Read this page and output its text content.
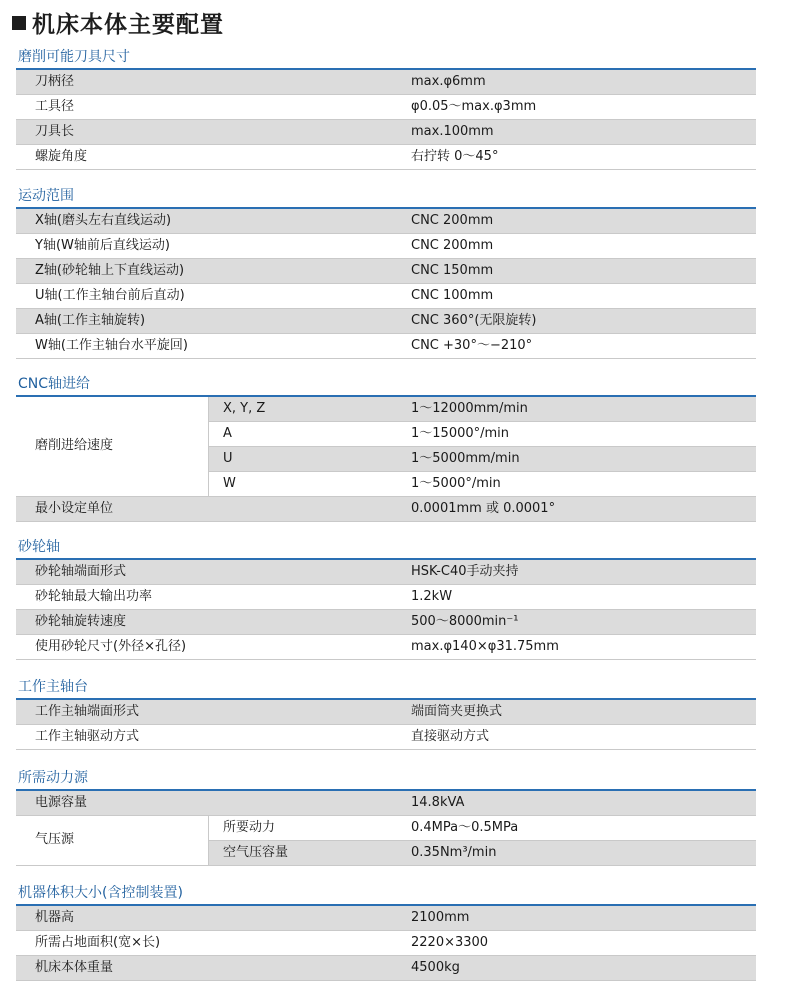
机床本体主要配置
磨削可能刀具尺寸
刀柄径	max.φ6mm
工具径	φ0.05～max.φ3mm
刀具长	max.100mm
螺旋角度	右拧转 0～45°
运动范围
X轴(磨头左右直线运动)	CNC 200mm
Y轴(W轴前后直线运动)	CNC 200mm
Z轴(砂轮轴上下直线运动)	CNC 150mm
U轴(工作主轴台前后直动)	CNC 100mm
A轴(工作主轴旋转)	CNC 360°(无限旋转)
W轴(工作主轴台水平旋回)	CNC +30°～−210°
CNC轴进给
磨削进给速度
X, Y, Z	1～12000mm/min
A	1～15000°/min
U	1～5000mm/min
W	1～5000°/min
最小设定单位	0.0001mm 或 0.0001°
砂轮轴
砂轮轴端面形式	HSK-C40手动夹持
砂轮轴最大输出功率	1.2kW
砂轮轴旋转速度	500～8000min⁻¹
使用砂轮尺寸(外径×孔径)	max.φ140×φ31.75mm
工作主轴台
工作主轴端面形式	端面筒夹更换式
工作主轴驱动方式	直接驱动方式
所需动力源
电源容量	14.8kVA
气压源
所要动力	0.4MPa～0.5MPa
空气压容量	0.35Nm³/min
机器体积大小(含控制装置)
机器高	2100mm
所需占地面积(宽×长)	2220×3300
机床本体重量	4500kg
